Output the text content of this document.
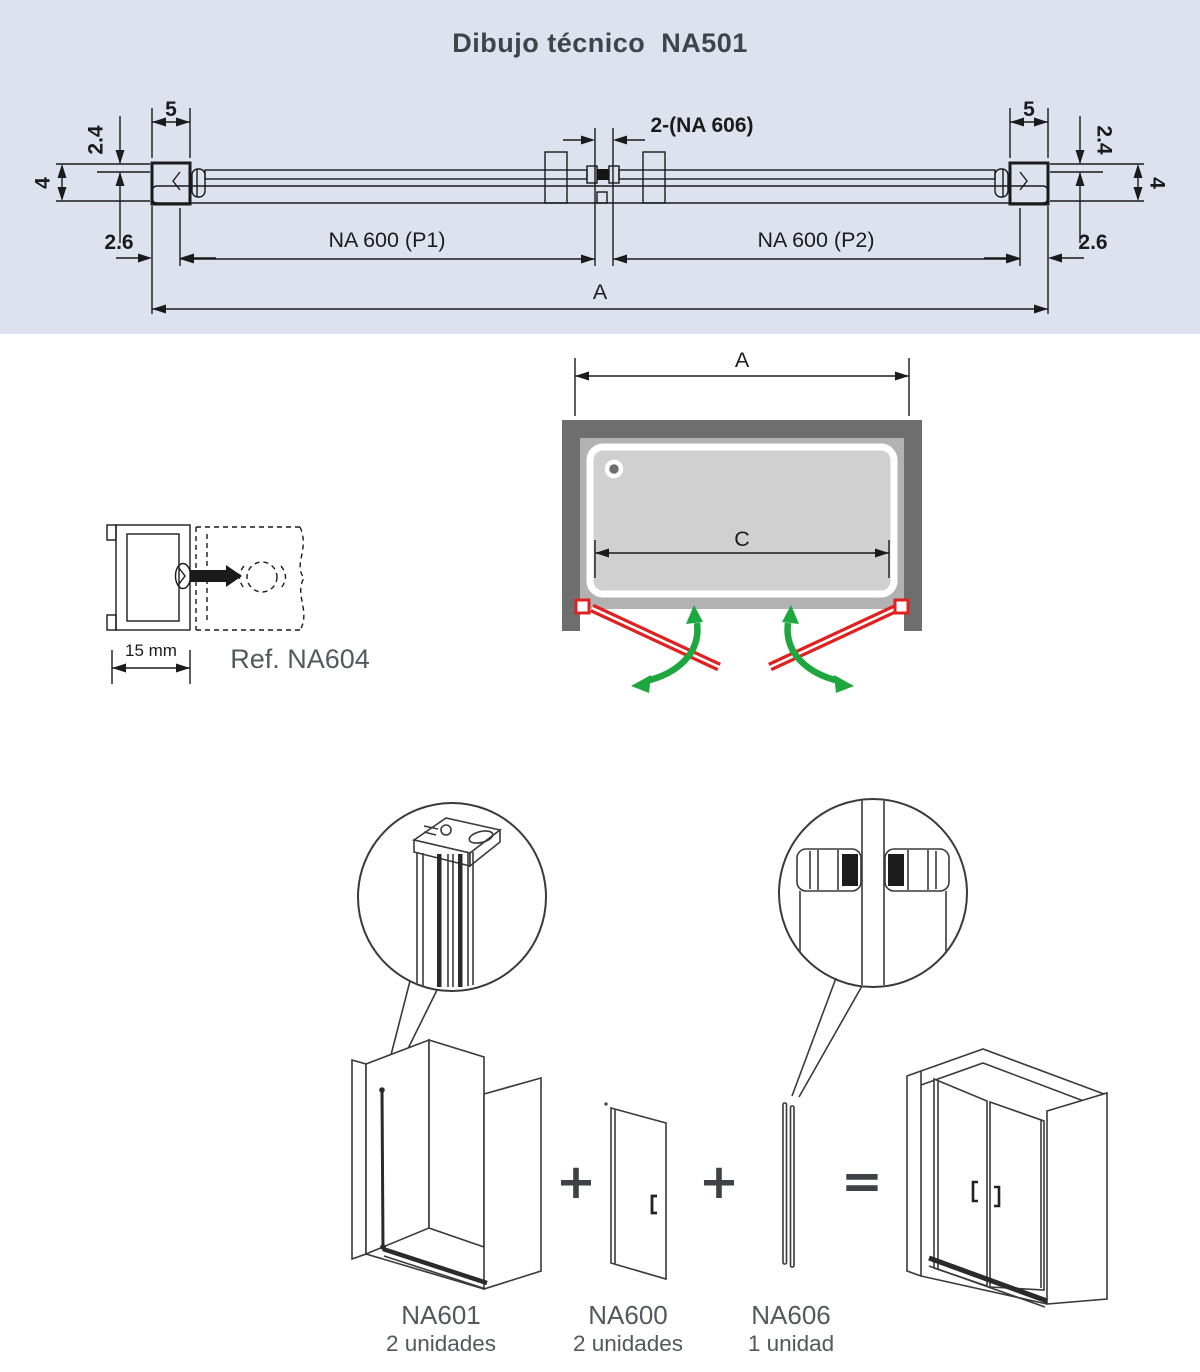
Dibujo técnico  NA501
5
2.4
4
2.6
2-(NA 606)
5
2.4
4
2.6
NA 600 (P1)	NA 600 (P2)
A
15 mm Ref. NA604
A
C
+ + =
NA601
2 unidades
NA600
2 unidades
NA606
1 unidad
